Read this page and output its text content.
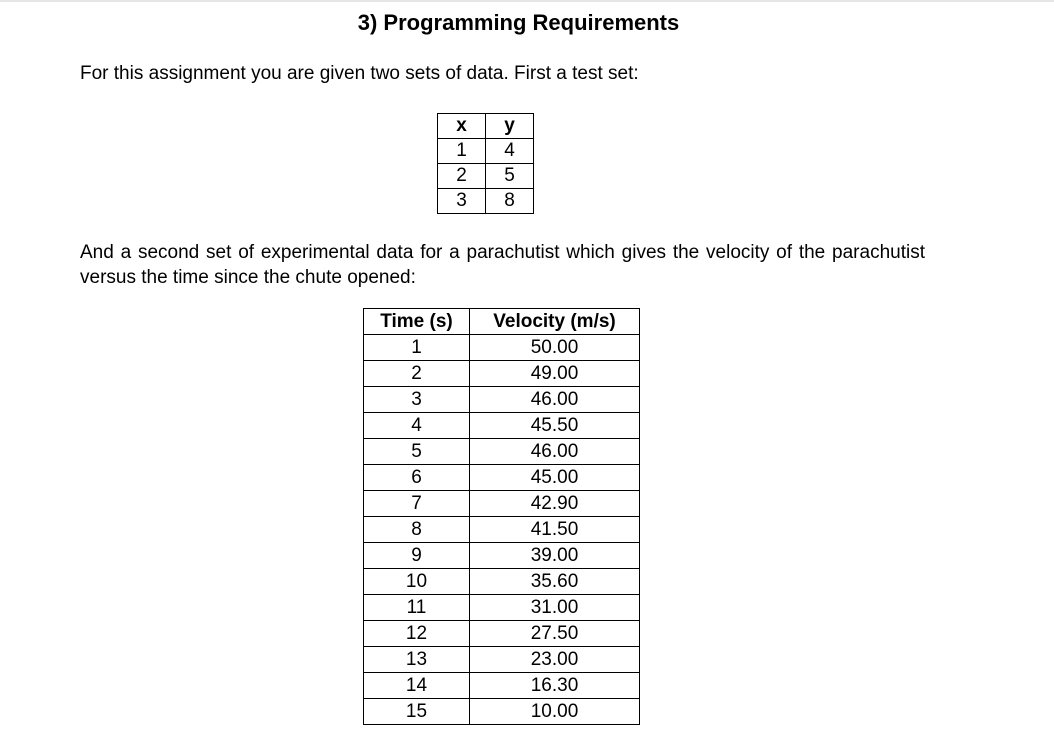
3) Programming Requirements
For this assignment you are given two sets of data. First a test set:
x	y
1	4
2	5
3	8
And a second set of experimental data for a parachutist which gives the velocity of the parachutist versus the time since the chute opened:
Time (s)	Velocity (m/s)
1	50.00
2	49.00
3	46.00
4	45.50
5	46.00
6	45.00
7	42.90
8	41.50
9	39.00
10	35.60
11	31.00
12	27.50
13	23.00
14	16.30
15	10.00
